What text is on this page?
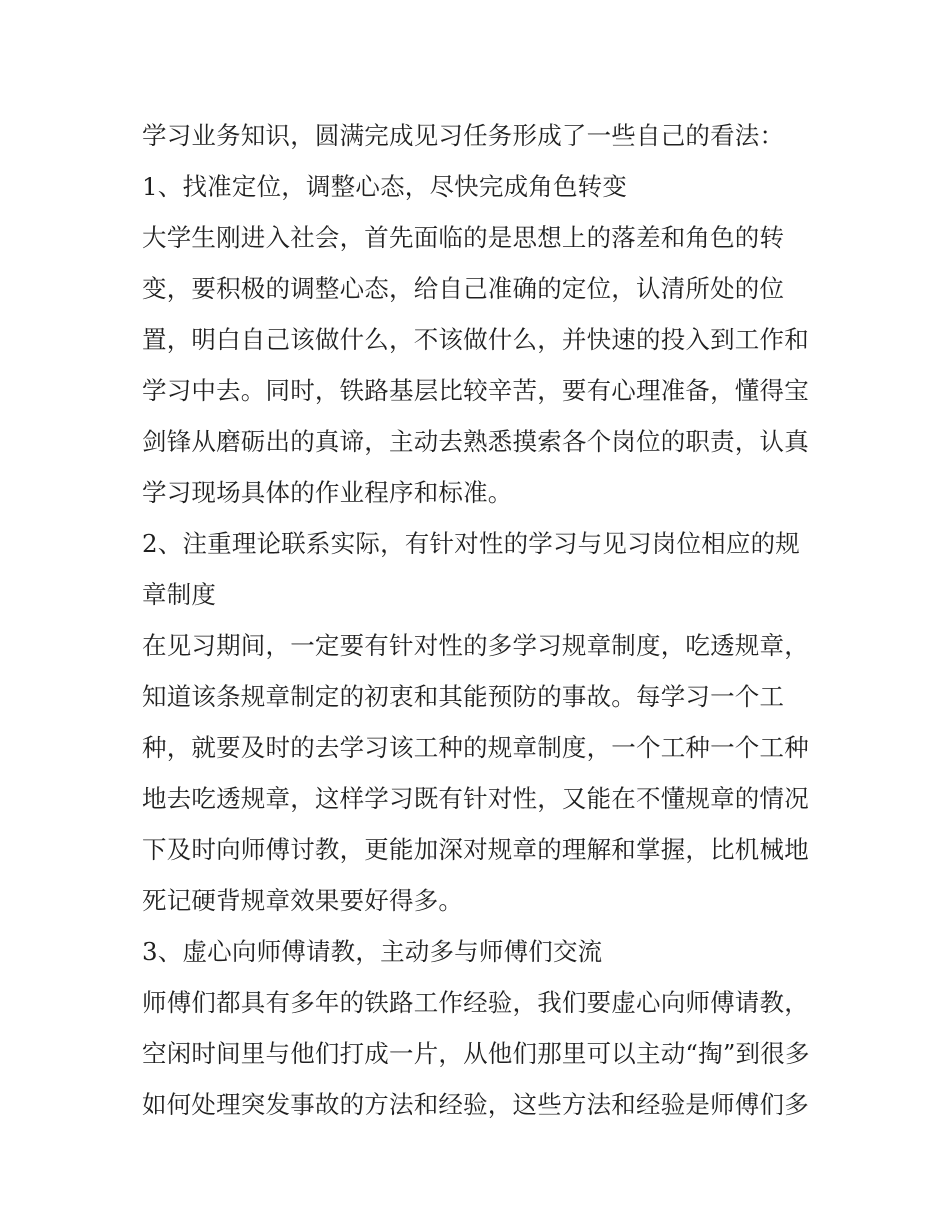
学习业务知识，圆满完成见习任务形成了一些自己的看法：
1、找准定位，调整心态，尽快完成角色转变
大学生刚进入社会，首先面临的是思想上的落差和角色的转
变，要积极的调整心态，给自己准确的定位，认清所处的位
置，明白自己该做什么，不该做什么，并快速的投入到工作和
学习中去。同时，铁路基层比较辛苦，要有心理准备，懂得宝
剑锋从磨砺出的真谛，主动去熟悉摸索各个岗位的职责，认真
学习现场具体的作业程序和标准。
2、注重理论联系实际，有针对性的学习与见习岗位相应的规
章制度
在见习期间，一定要有针对性的多学习规章制度，吃透规章，
知道该条规章制定的初衷和其能预防的事故。每学习一个工
种，就要及时的去学习该工种的规章制度，一个工种一个工种
地去吃透规章，这样学习既有针对性，又能在不懂规章的情况
下及时向师傅讨教，更能加深对规章的理解和掌握，比机械地
死记硬背规章效果要好得多。
3、虚心向师傅请教，主动多与师傅们交流
师傅们都具有多年的铁路工作经验，我们要虚心向师傅请教，
空闲时间里与他们打成一片，从他们那里可以主动“掏”到很多
如何处理突发事故的方法和经验，这些方法和经验是师傅们多
